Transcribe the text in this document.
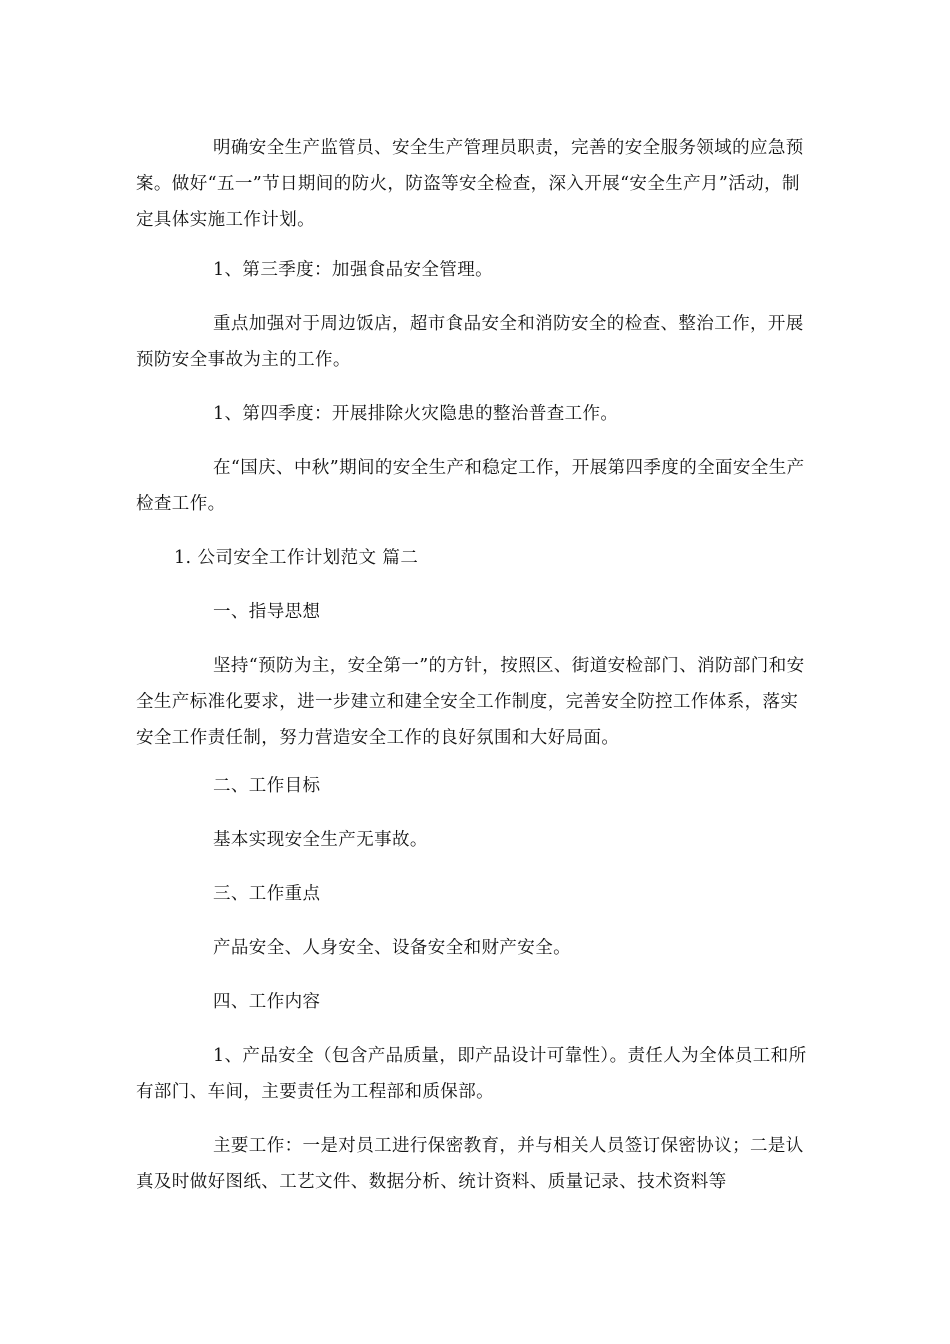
明确安全生产监管员、安全生产管理员职责，完善的安全服务领域的应急预案。做好“五一”节日期间的防火，防盗等安全检查，深入开展“安全生产月”活动，制定具体实施工作计划。

1、第三季度：加强食品安全管理。

重点加强对于周边饭店，超市食品安全和消防安全的检查、整治工作，开展预防安全事故为主的工作。

1、第四季度：开展排除火灾隐患的整治普查工作。

在“国庆、中秋”期间的安全生产和稳定工作，开展第四季度的全面安全生产检查工作。

1. 公司安全工作计划范文 篇二

一、指导思想

坚持“预防为主，安全第一”的方针，按照区、街道安检部门、消防部门和安全生产标准化要求，进一步建立和建全安全工作制度，完善安全防控工作体系，落实安全工作责任制，努力营造安全工作的良好氛围和大好局面。

二、工作目标

基本实现安全生产无事故。

三、工作重点

产品安全、人身安全、设备安全和财产安全。

四、工作内容

1、产品安全（包含产品质量，即产品设计可靠性）。责任人为全体员工和所有部门、车间，主要责任为工程部和质保部。

主要工作：一是对员工进行保密教育，并与相关人员签订保密协议；二是认真及时做好图纸、工艺文件、数据分析、统计资料、质量记录、技术资料等
